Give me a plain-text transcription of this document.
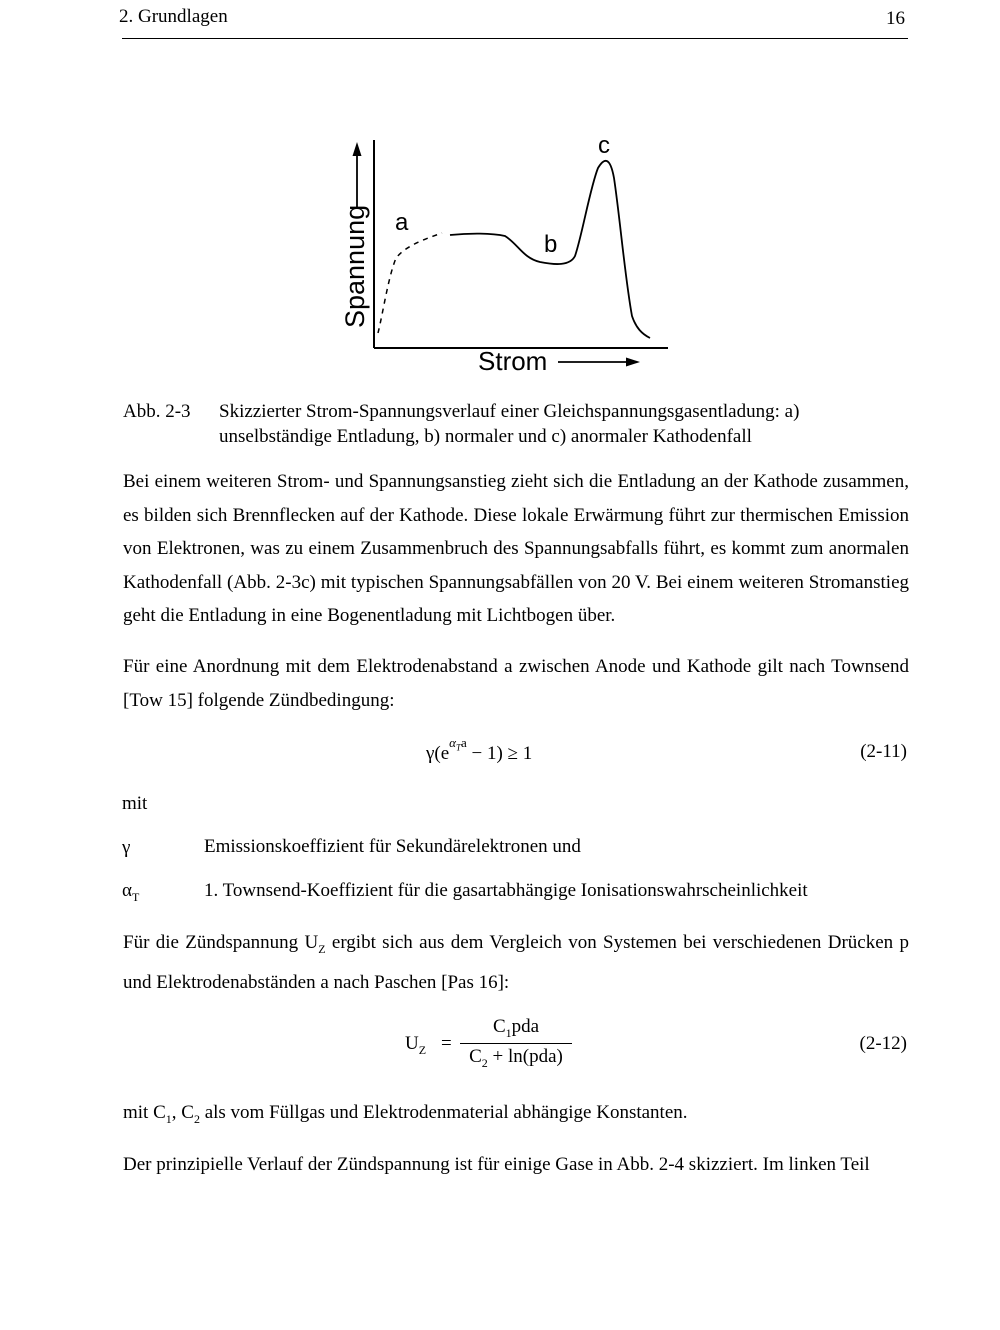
2. Grundlagen	16
Spannung
Strom
a
b
c
Abb. 2-3 Skizzierter Strom-Spannungsverlauf einer Gleichspannungsgasentladung: a) unselbständige Entladung, b) normaler und c) anormaler Kathodenfall
Bei einem weiteren Strom- und Spannungsanstieg zieht sich die Entladung an der Kathode zusammen, es bilden sich Brennflecken auf der Kathode. Diese lokale Erwärmung führt zur thermischen Emission von Elektronen, was zu einem Zusammenbruch des Spannungsabfalls führt, es kommt zum anormalen Kathodenfall (Abb. 2-3c) mit typischen Spannungsabfällen von 20 V. Bei einem weiteren Stromanstieg geht die Entladung in eine Bogenentladung mit Lichtbogen über.
Für eine Anordnung mit dem Elektrodenabstand a zwischen Anode und Kathode gilt nach Townsend [Tow 15] folgende Zündbedingung:
$\gamma(e^{\alpha_Ta} - 1) \ge 1$	(2-11)
mit
γ	Emissionskoeffizient für Sekundärelektronen und
$\alpha_T$	1. Townsend-Koeffizient für die gasartabhängige Ionisationswahrscheinlichkeit
Für die Zündspannung $U_Z$ ergibt sich aus dem Vergleich von Systemen bei verschiedenen Drücken p und Elektrodenabständen a nach Paschen [Pas 16]:
$U_Z$ =
$C_1pda$
$C_2 + \ln(pda)$
(2-12)
mit $C_1$, $C_2$ als vom Füllgas und Elektrodenmaterial abhängige Konstanten.
Der prinzipielle Verlauf der Zündspannung ist für einige Gase in Abb. 2-4 skizziert. Im linken Teil
